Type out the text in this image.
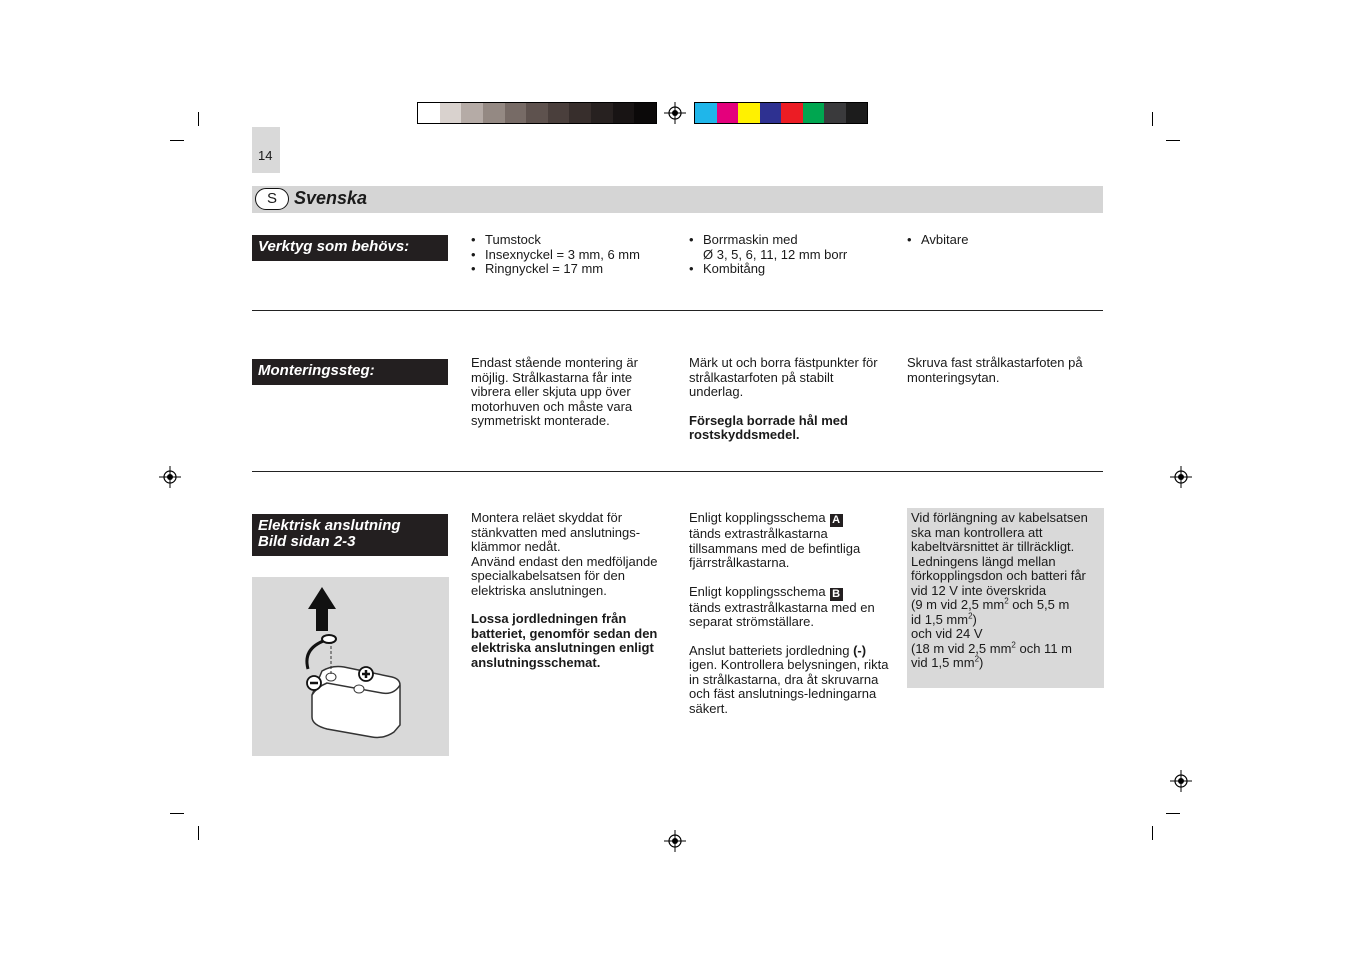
14
S Svenska
Verktyg som behövs:
•	Tumstock
• Insexnyckel = 3 mm, 6 mm
• Ringnyckel = 17 mm
• Borrmaskin med
Ø 3, 5, 6, 11, 12 mm borr
• Kombitång
• Avbitare
Monteringssteg:	Endast stående montering är möjlig. Strålkastarna får inte vibrera eller skjuta upp över motorhuven och måste vara symmetriskt monterade.

Märk ut och borra fästpunkter för strålkastarfoten på stabilt underlag.

Försegla borrade hål med rostskyddsmedel.

Skruva fast strålkastarfoten på monteringsytan.

Elektrisk anslutning
Bild sidan 2-3

Montera reläet skyddat för stänkvatten med anslutnings-klämmor nedåt.

Använd endast den medföljande specialkabelsatsen för den elektriska anslutningen.

Lossa jordledningen från batteriet, genomför sedan den elektriska anslutningen enligt anslutningsschemat.

Enligt kopplingsschema A
tänds extrastrålkastarna tillsammans med de befintliga fjärrstrålkastarna.

Enligt kopplingsschema B
tänds extrastrålkastarna med en separat strömställare.

Anslut batteriets jordledning (-)
igen. Kontrollera belysningen, rikta in strålkastarna, dra åt skruvarna och fäst anslutnings-ledningarna säkert.

Vid förlängning av kabelsatsen ska man kontrollera att kabeltvärsnittet är tillräckligt. Ledningens längd mellan förkopplingsdon och batteri får vid 12 V inte överskrida

(9 m vid 2,5 $mm^2$ och 5,5 m

id 1,5 $mm^2$)

och vid 24 V

(18 m vid 2,5 $mm^2$ och 11 m

vid 1,5 $mm^2$)
